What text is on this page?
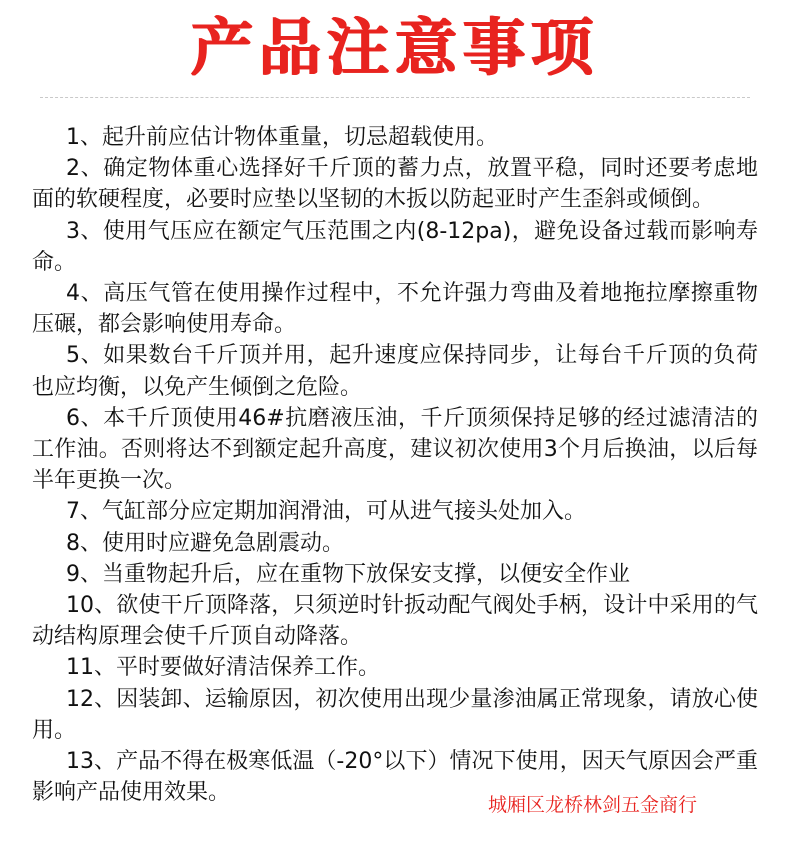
产品注意事项

1、起升前应估计物体重量，切忌超载使用。

2、确定物体重心选择好千斤顶的蓄力点，放置平稳，同时还要考虑地面的软硬程度，必要时应垫以坚韧的木扳以防起亚时产生歪斜或倾倒。

3、使用气压应在额定气压范围之内(8-12pa)，避免设备过载而影响寿命。

4、高压气管在使用操作过程中，不允许强力弯曲及着地拖拉摩擦重物压碾，都会影响使用寿命。

5、如果数台千斤顶并用，起升速度应保持同步，让每台千斤顶的负荷也应均衡，以免产生倾倒之危险。

6、本千斤顶使用46#抗磨液压油，千斤顶须保持足够的经过滤清洁的工作油。否则将达不到额定起升高度，建议初次使用3个月后换油，以后每半年更换一次。

7、气缸部分应定期加润滑油，可从进气接头处加入。

8、使用时应避免急剧震动。

9、当重物起升后，应在重物下放保安支撑，以便安全作业

10、欲使干斤顶降落，只须逆时针扳动配气阀处手柄，设计中采用的气动结构原理会使千斤顶自动降落。

11、平时要做好清洁保养工作。

12、因装卸、运输原因，初次使用出现少量渗油属正常现象，请放心使用。

13、产品不得在极寒低温（-20°以下）情况下使用，因天气原因会严重影响产品使用效果。	城厢区龙桥林剑五金商行
